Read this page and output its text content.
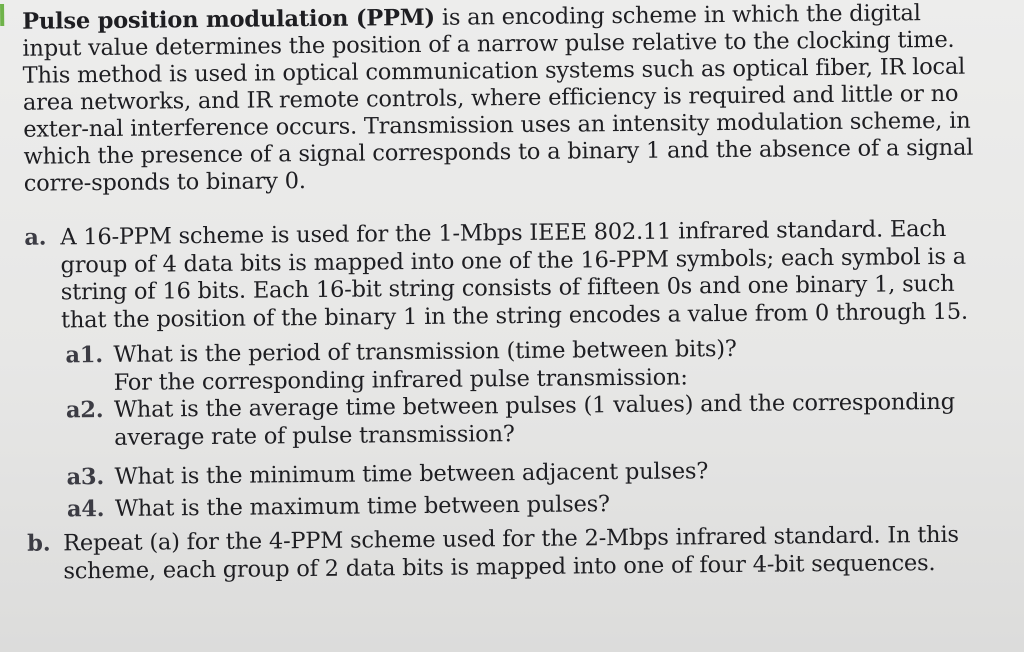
Pulse position modulation (PPM) is an encoding scheme in which the digital input value determines the position of a narrow pulse relative to the clocking time. This method is used in optical communication systems such as optical fiber, IR local area networks, and IR remote controls, where efficiency is required and little or no exter-nal interference occurs. Transmission uses an intensity modulation scheme, in which the presence of a signal corresponds to a binary 1 and the absence of a signal corre-sponds to binary 0.

a. A 16-PPM scheme is used for the 1-Mbps IEEE 802.11 infrared standard. Each group of 4 data bits is mapped into one of the 16-PPM symbols; each symbol is a string of 16 bits. Each 16-bit string consists of fifteen 0s and one binary 1, such that the position of the binary 1 in the string encodes a value from 0 through 15.

a1. What is the period of transmission (time between bits)?

For the corresponding infrared pulse transmission:

a2. What is the average time between pulses (1 values) and the corresponding average rate of pulse transmission?

a3. What is the minimum time between adjacent pulses?

a4. What is the maximum time between pulses?

b. Repeat (a) for the 4-PPM scheme used for the 2-Mbps infrared standard. In this scheme, each group of 2 data bits is mapped into one of four 4-bit sequences.
